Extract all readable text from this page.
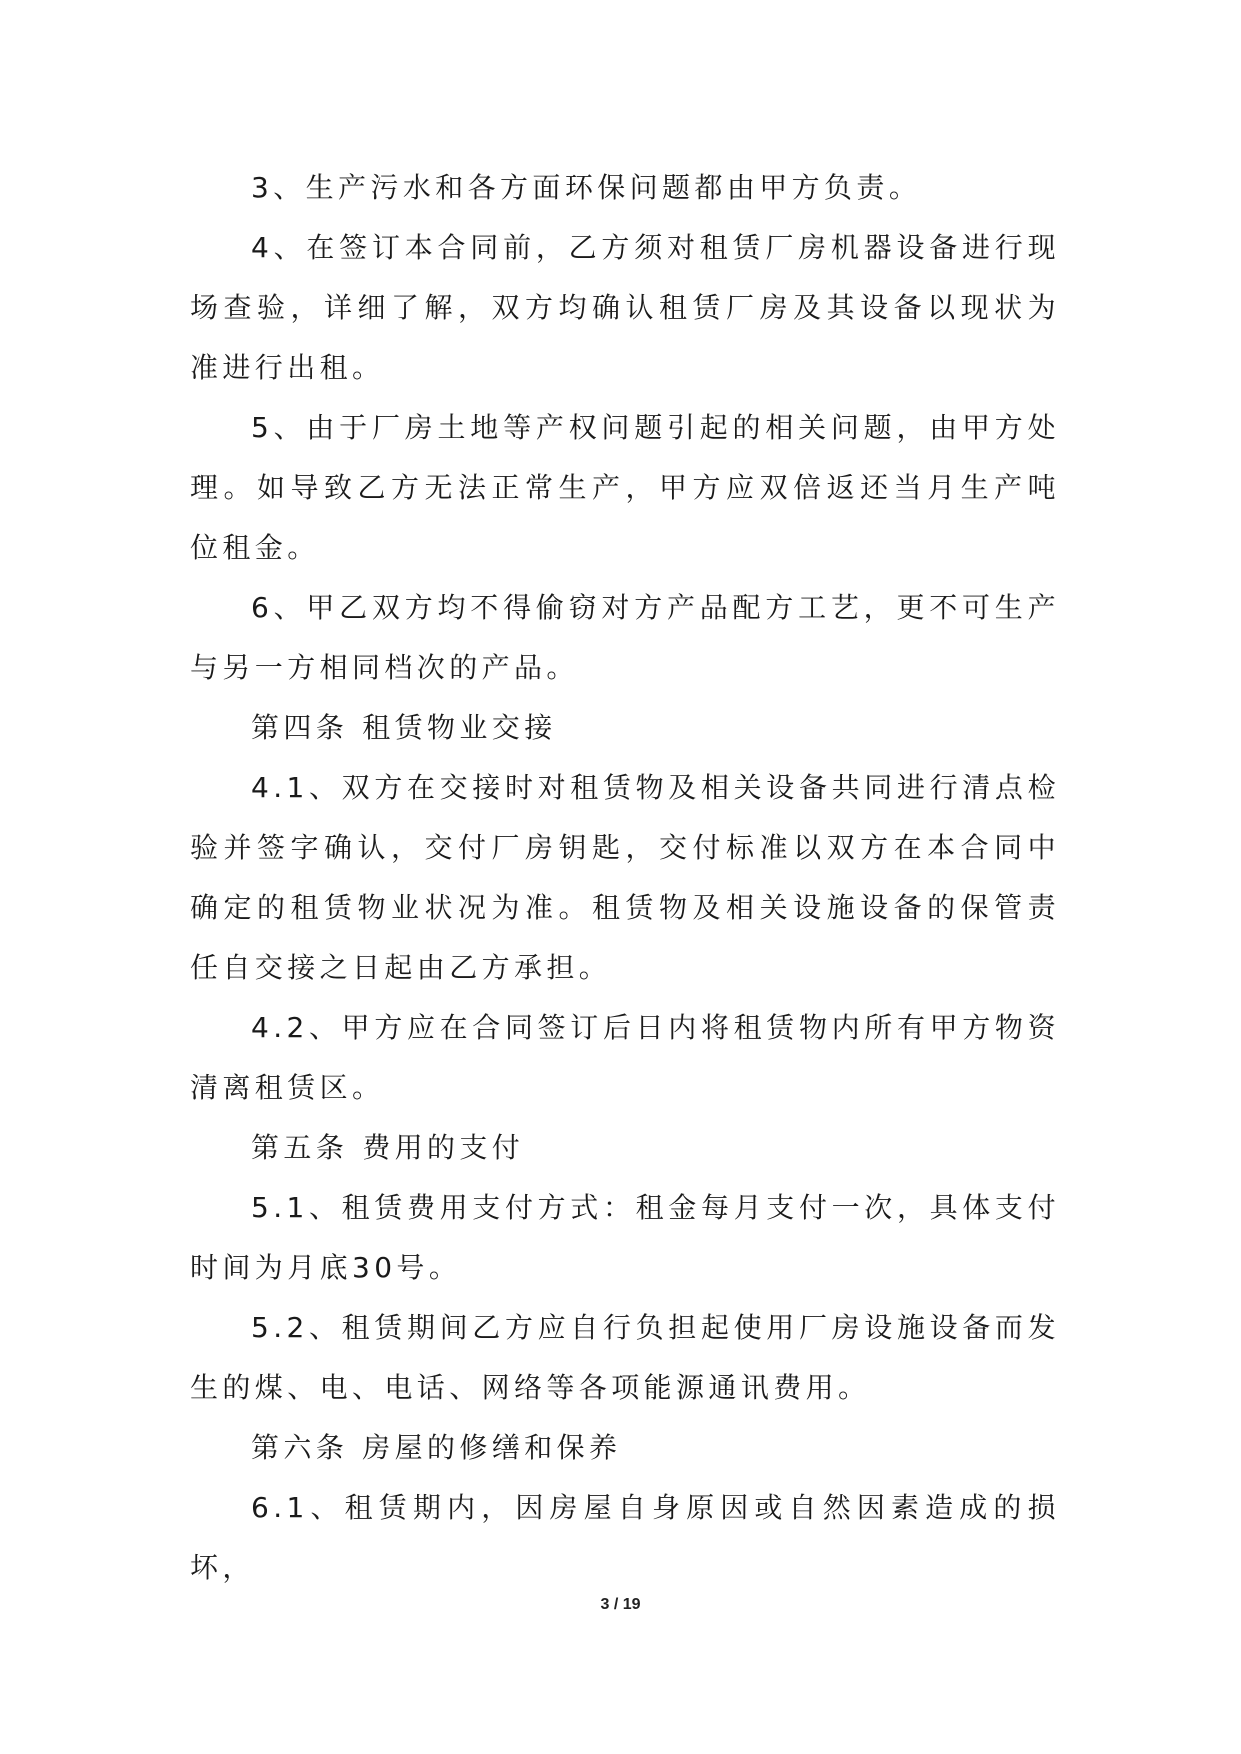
3、生产污水和各方面环保问题都由甲方负责。

4、在签订本合同前，乙方须对租赁厂房机器设备进行现场查验，详细了解，双方均确认租赁厂房及其设备以现状为准进行出租。

5、由于厂房土地等产权问题引起的相关问题，由甲方处理。如导致乙方无法正常生产，甲方应双倍返还当月生产吨位租金。

6、甲乙双方均不得偷窃对方产品配方工艺，更不可生产与另一方相同档次的产品。

第四条 租赁物业交接

4.1、双方在交接时对租赁物及相关设备共同进行清点检验并签字确认，交付厂房钥匙，交付标准以双方在本合同中确定的租赁物业状况为准。租赁物及相关设施设备的保管责任自交接之日起由乙方承担。

4.2、甲方应在合同签订后日内将租赁物内所有甲方物资清离租赁区。

第五条 费用的支付

5.1、租赁费用支付方式：租金每月支付一次，具体支付时间为月底30号。

5.2、租赁期间乙方应自行负担起使用厂房设施设备而发生的煤、电、电话、网络等各项能源通讯费用。

第六条 房屋的修缮和保养

6.1、租赁期内，因房屋自身原因或自然因素造成的损坏，

3 / 19
